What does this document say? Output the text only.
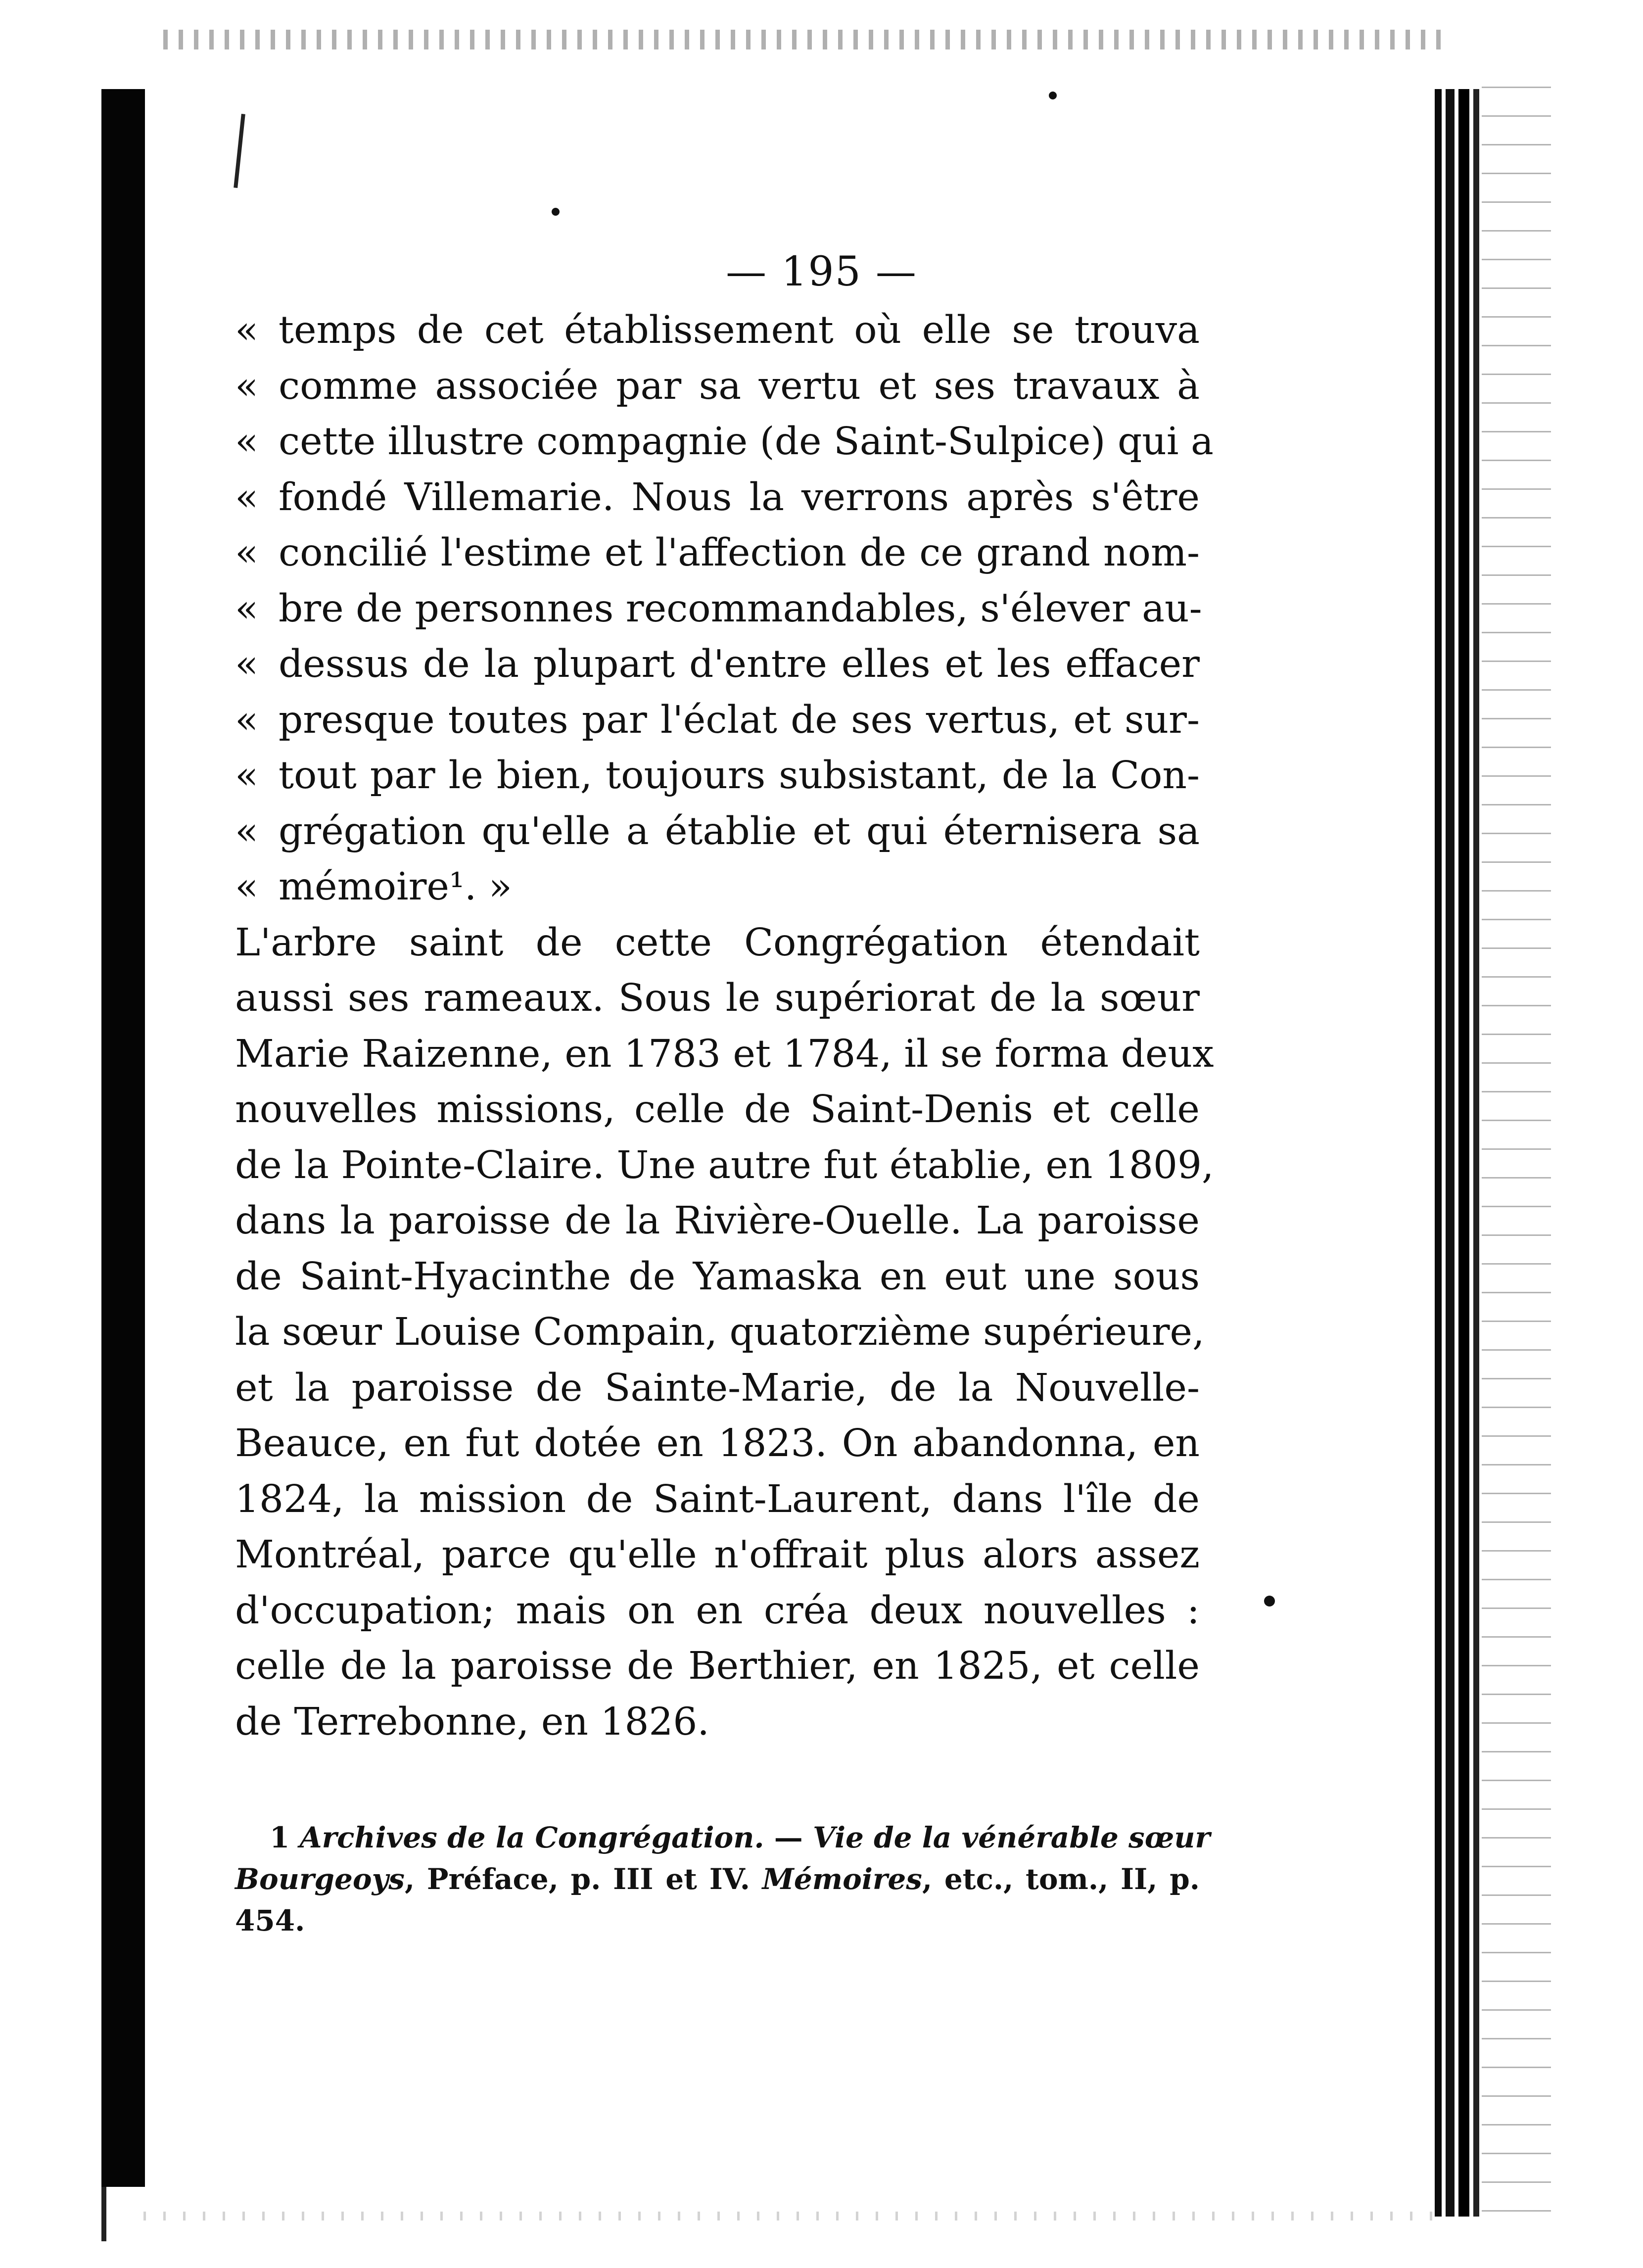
— 195 —
« temps de cet établissement où elle se trouva
« comme associée par sa vertu et ses travaux à
« cette illustre compagnie (de Saint-Sulpice) qui a
« fondé Villemarie. Nous la verrons après s'être
« concilié l'estime et l'affection de ce grand nom-
« bre de personnes recommandables, s'élever au-
« dessus de la plupart d'entre elles et les effacer
« presque toutes par l'éclat de ses vertus, et sur-
« tout par le bien, toujours subsistant, de la Con-
« grégation qu'elle a établie et qui éternisera sa
« mémoire¹. »
L'arbre saint de cette Congrégation étendait
aussi ses rameaux. Sous le supériorat de la sœur
Marie Raizenne, en 1783 et 1784, il se forma deux
nouvelles missions, celle de Saint-Denis et celle
de la Pointe-Claire. Une autre fut établie, en 1809,
dans la paroisse de la Rivière-Ouelle. La paroisse
de Saint-Hyacinthe de Yamaska en eut une sous
la sœur Louise Compain, quatorzième supérieure,
et la paroisse de Sainte-Marie, de la Nouvelle-
Beauce, en fut dotée en 1823. On abandonna, en
1824, la mission de Saint-Laurent, dans l'île de
Montréal, parce qu'elle n'offrait plus alors assez
d'occupation; mais on en créa deux nouvelles :
celle de la paroisse de Berthier, en 1825, et celle
de Terrebonne, en 1826.
1 Archives de la Congrégation. — Vie de la vénérable sœur
Bourgeoys, Préface, p. III et IV. Mémoires, etc., tom., II, p.
454.
